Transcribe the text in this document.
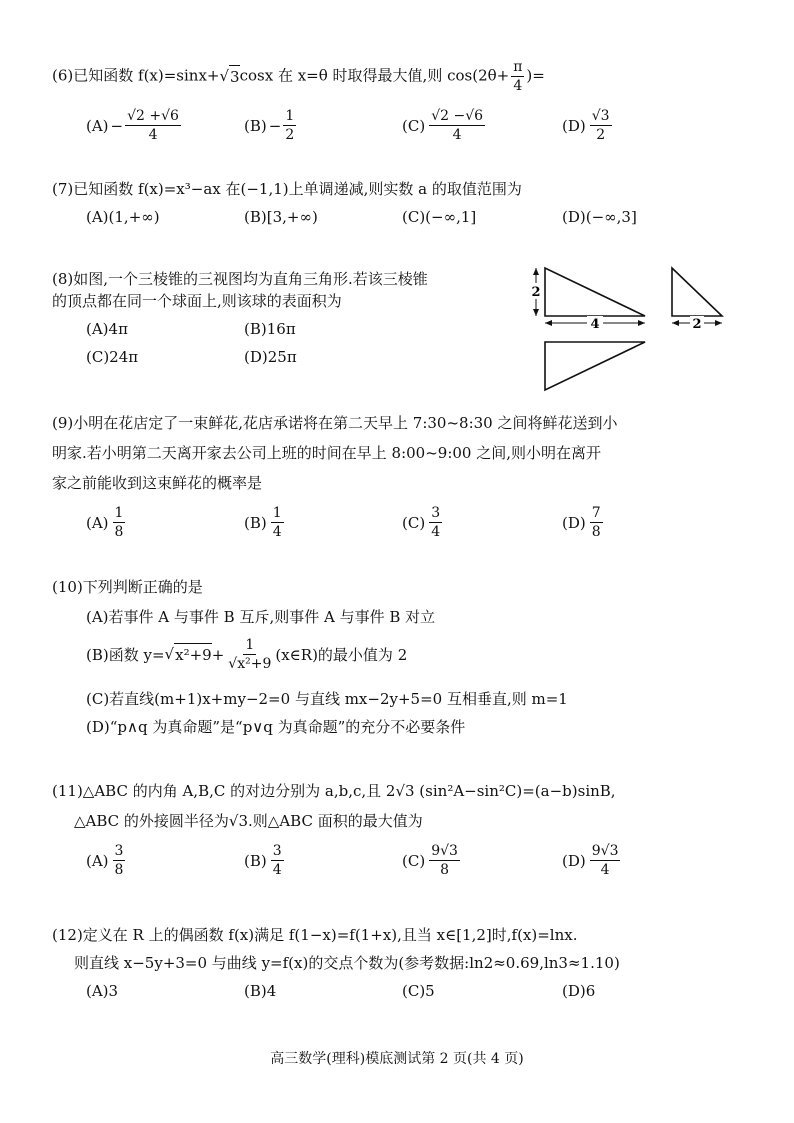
(6)已知函数 f(x)=sinx+√ 3 cosx 在 x=θ 时取得最大值,则 $\cos(2\theta+ \frac{\pi}{4}$ )=
$(A) - \frac{√2 +√6}{4}$	$(B) - \frac{1}{2}$	$(C) \frac{√2 -√6}{4}$	$(D) \frac{√3}{2}$
(7)已知函数 f(x)=x³−ax 在(−1,1)上单调递减,则实数 a 的取值范围为
(A)(1,+∞)	(B)[3,+∞)	(C)(−∞,1]	(D)(−∞,3]
(8)如图,一个三棱锥的三视图均为直角三角形.若该三棱锥
的顶点都在同一个球面上,则该球的表面积为
(A)4π	(B)16π
(C)24π	(D)25π
2
4	2
(9)小明在花店定了一束鲜花,花店承诺将在第二天早上 7:30~8:30 之间将鲜花送到小
明家.若小明第二天离开家去公司上班的时间在早上 8:00~9:00 之间,则小明在离开
家之前能收到这束鲜花的概率是
$(A) \frac{1}{8}$	$(B) \frac{1}{4}$	$(C) \frac{3}{4}$	$(D) \frac{7}{8}$
(10)下列判断正确的是
(A)若事件 A 与事件 B 互斥,则事件 A 与事件 B 对立
(B)函数 y= √ $x^2+9 + \frac{1}{\text{√x²+9}}$ (x∈R)的最小值为 2
(C)若直线(m+1)x+my−2=0 与直线 mx−2y+5=0 互相垂直,则 m=1
(D)“p∧q 为真命题”是“p∨q 为真命题”的充分不必要条件
(11)△ABC 的内角 A,B,C 的对边分别为 a,b,c,且 2√3 (sin²A−sin²C)=(a−b)sinB,
△ABC 的外接圆半径为√3.则△ABC 面积的最大值为
$(A) \frac{3}{8}$	$(B) \frac{3}{4}$	$(C) \frac{9√3}{8}$	$(D) \frac{9√3}{4}$
(12)定义在 R 上的偶函数 f(x)满足 f(1−x)=f(1+x),且当 x∈[1,2]时,f(x)=lnx.
则直线 x−5y+3=0 与曲线 y=f(x)的交点个数为(参考数据:ln2≈0.69,ln3≈1.10)
(A)3	(B)4	(C)5	(D)6
高三数学(理科)模底测试第 2 页(共 4 页)
